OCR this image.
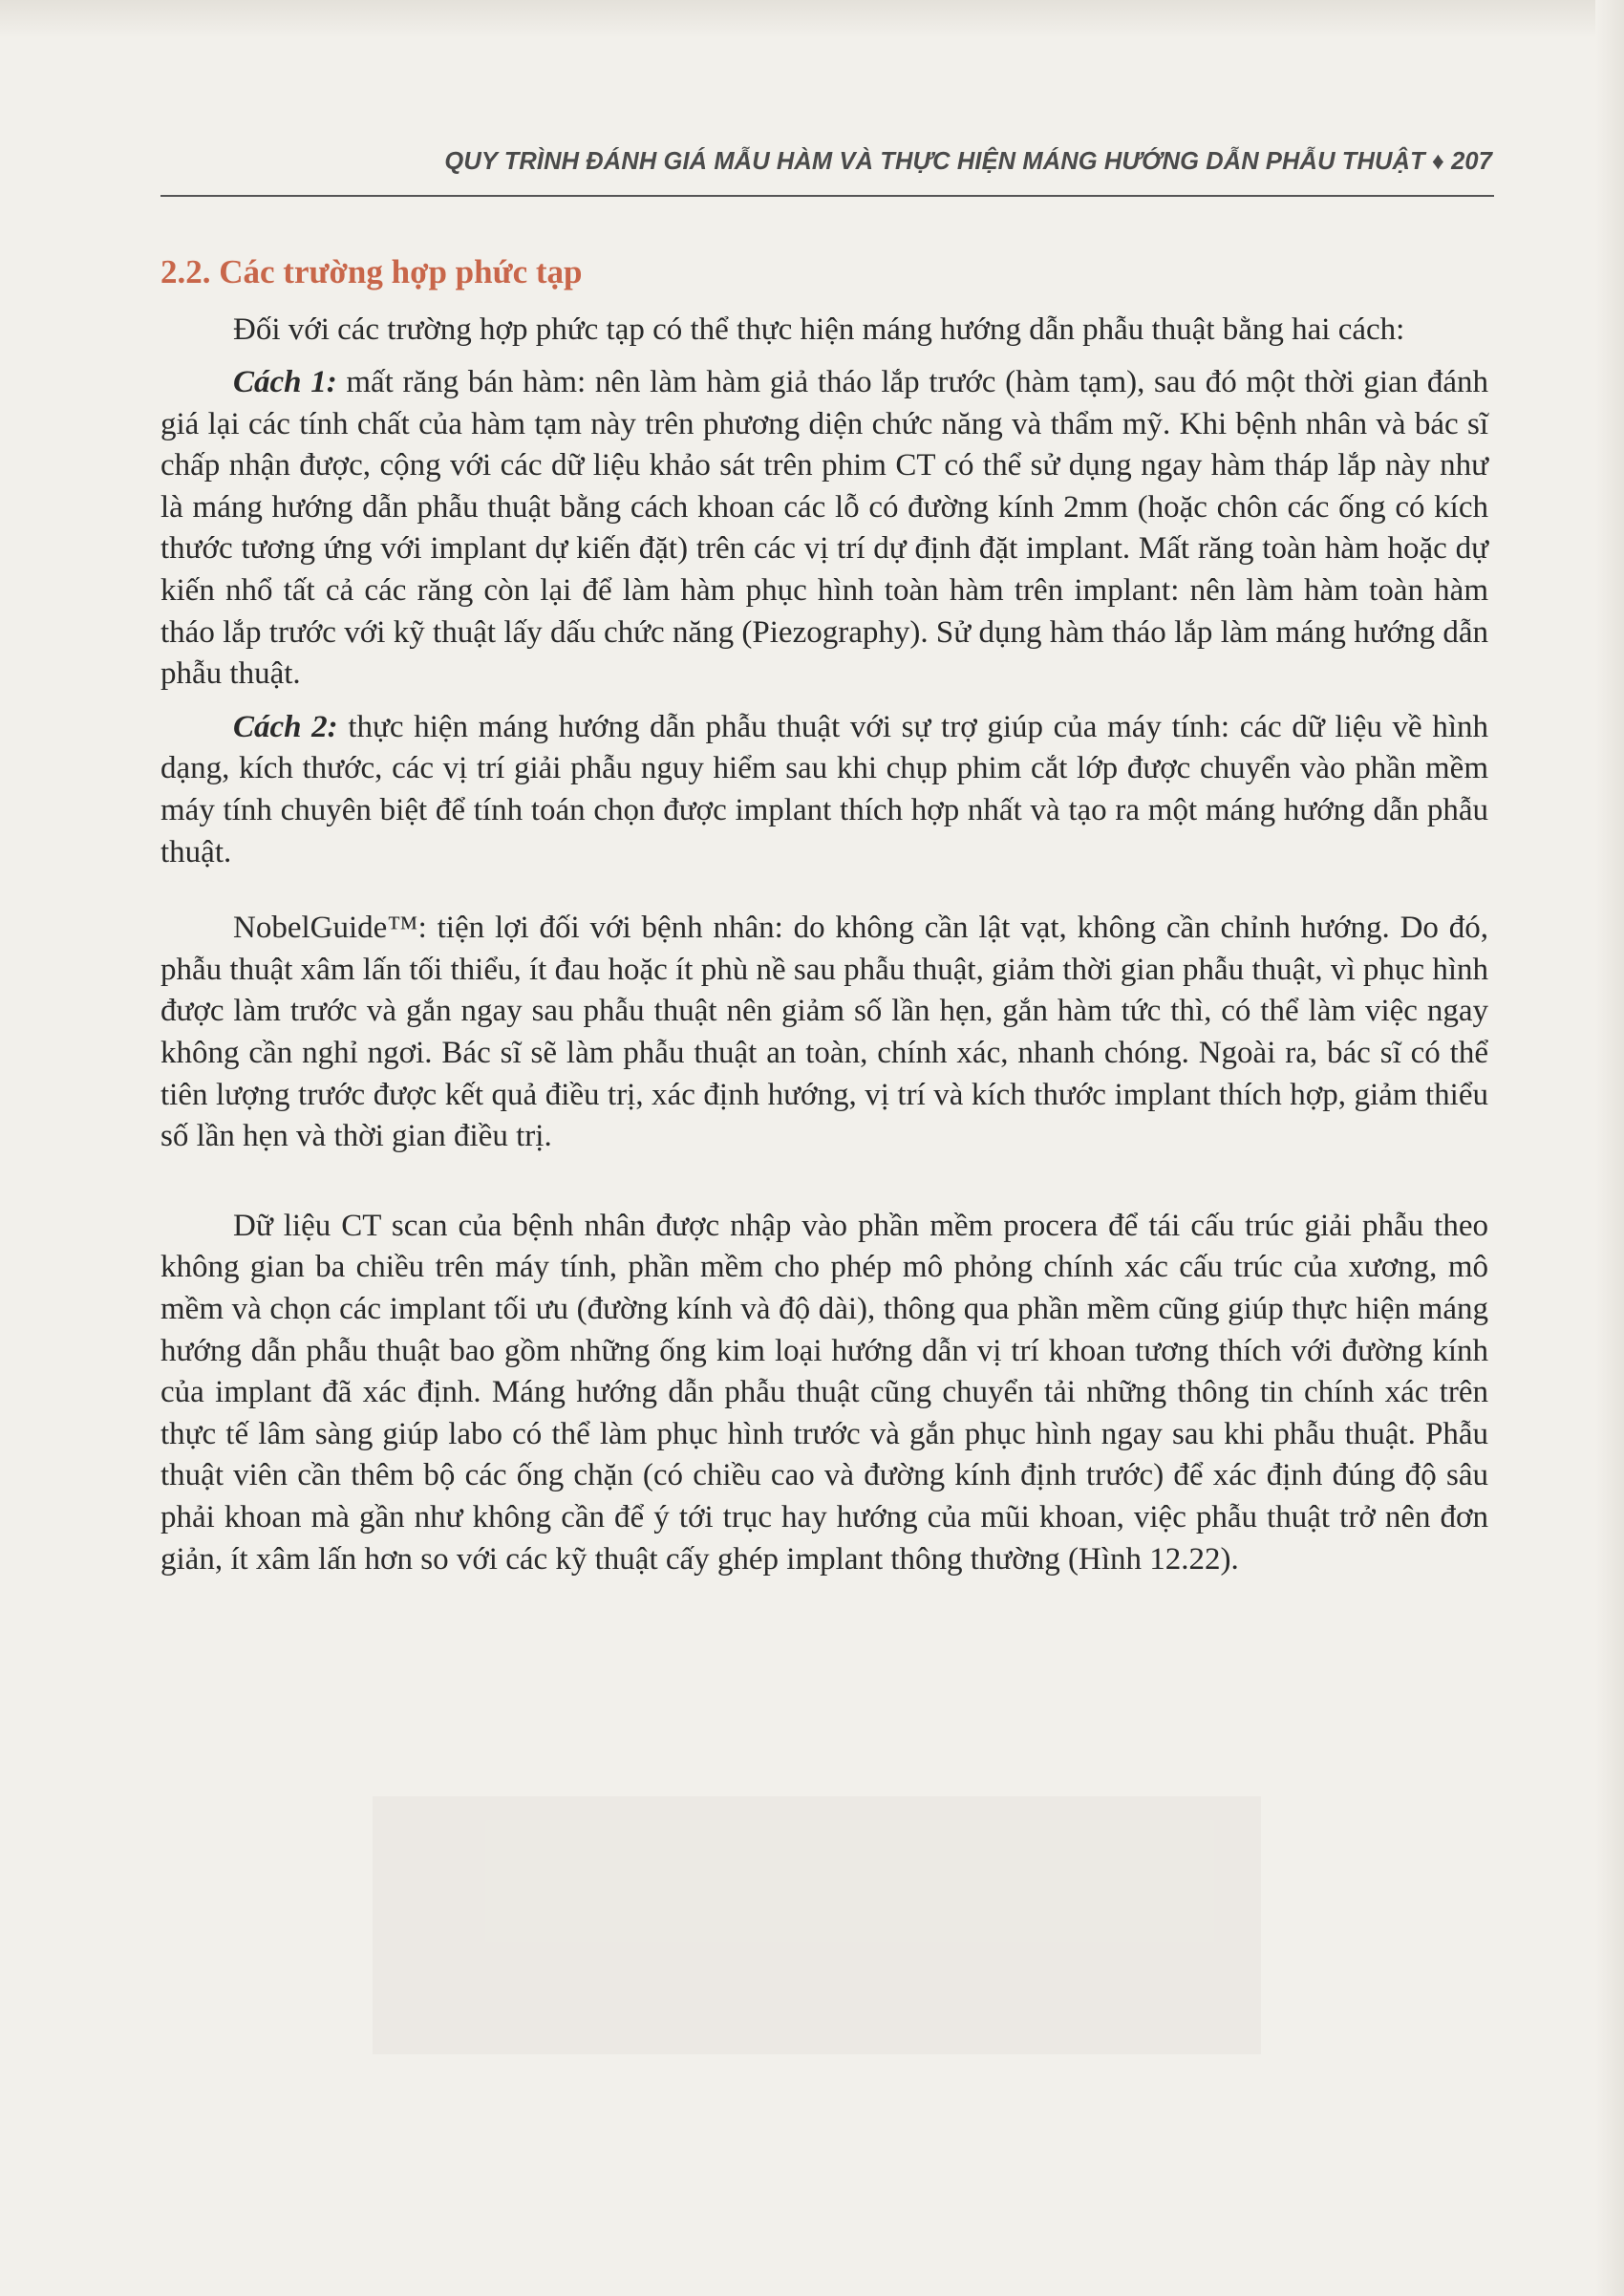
QUY TRÌNH ĐÁNH GIÁ MẪU HÀM VÀ THỰC HIỆN MÁNG HƯỚNG DẪN PHẪU THUẬT ♦ 207
2.2. Các trường hợp phức tạp

Đối với các trường hợp phức tạp có thể thực hiện máng hướng dẫn phẫu thuật bằng hai cách:

Cách 1: mất răng bán hàm: nên làm hàm giả tháo lắp trước (hàm tạm), sau đó một thời gian đánh giá lại các tính chất của hàm tạm này trên phương diện chức năng và thẩm mỹ. Khi bệnh nhân và bác sĩ chấp nhận được, cộng với các dữ liệu khảo sát trên phim CT có thể sử dụng ngay hàm tháp lắp này như là máng hướng dẫn phẫu thuật bằng cách khoan các lỗ có đường kính 2mm (hoặc chôn các ống có kích thước tương ứng với implant dự kiến đặt) trên các vị trí dự định đặt implant. Mất răng toàn hàm hoặc dự kiến nhổ tất cả các răng còn lại để làm hàm phục hình toàn hàm trên implant: nên làm hàm toàn hàm tháo lắp trước với kỹ thuật lấy dấu chức năng (Piezography). Sử dụng hàm tháo lắp làm máng hướng dẫn phẫu thuật.

Cách 2: thực hiện máng hướng dẫn phẫu thuật với sự trợ giúp của máy tính: các dữ liệu về hình dạng, kích thước, các vị trí giải phẫu nguy hiểm sau khi chụp phim cắt lớp được chuyển vào phần mềm máy tính chuyên biệt để tính toán chọn được implant thích hợp nhất và tạo ra một máng hướng dẫn phẫu thuật.

NobelGuide™: tiện lợi đối với bệnh nhân: do không cần lật vạt, không cần chỉnh hướng. Do đó, phẫu thuật xâm lấn tối thiểu, ít đau hoặc ít phù nề sau phẫu thuật, giảm thời gian phẫu thuật, vì phục hình được làm trước và gắn ngay sau phẫu thuật nên giảm số lần hẹn, gắn hàm tức thì, có thể làm việc ngay không cần nghỉ ngơi. Bác sĩ sẽ làm phẫu thuật an toàn, chính xác, nhanh chóng. Ngoài ra, bác sĩ có thể tiên lượng trước được kết quả điều trị, xác định hướng, vị trí và kích thước implant thích hợp, giảm thiểu số lần hẹn và thời gian điều trị.

Dữ liệu CT scan của bệnh nhân được nhập vào phần mềm procera để tái cấu trúc giải phẫu theo không gian ba chiều trên máy tính, phần mềm cho phép mô phỏng chính xác cấu trúc của xương, mô mềm và chọn các implant tối ưu (đường kính và độ dài), thông qua phần mềm cũng giúp thực hiện máng hướng dẫn phẫu thuật bao gồm những ống kim loại hướng dẫn vị trí khoan tương thích với đường kính của implant đã xác định. Máng hướng dẫn phẫu thuật cũng chuyển tải những thông tin chính xác trên thực tế lâm sàng giúp labo có thể làm phục hình trước và gắn phục hình ngay sau khi phẫu thuật. Phẫu thuật viên cần thêm bộ các ống chặn (có chiều cao và đường kính định trước) để xác định đúng độ sâu phải khoan mà gần như không cần để ý tới trục hay hướng của mũi khoan, việc phẫu thuật trở nên đơn giản, ít xâm lấn hơn so với các kỹ thuật cấy ghép implant thông thường (Hình 12.22).
